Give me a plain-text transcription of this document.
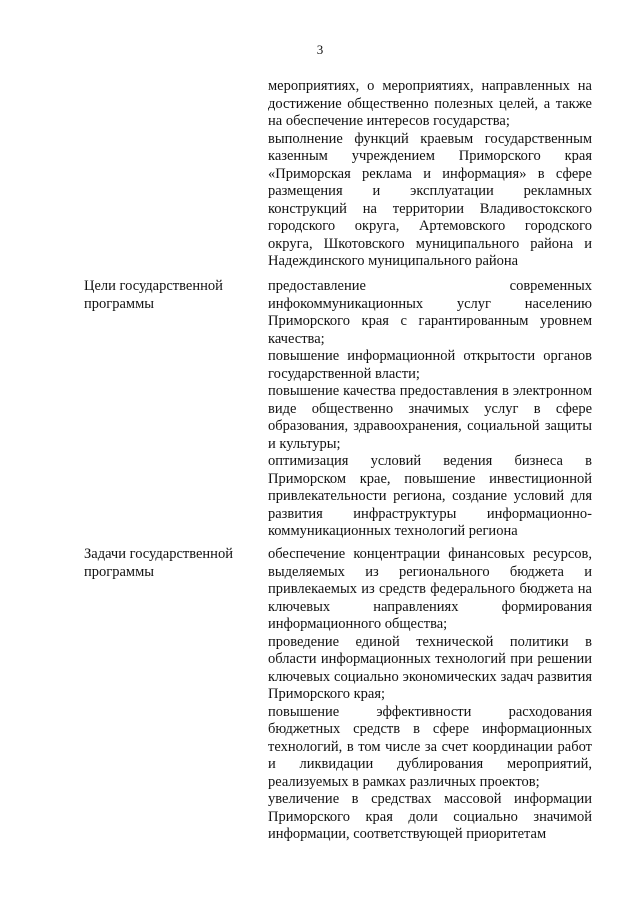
3

мероприятиях, о мероприятиях, направленных на достижение общественно полезных целей, а также на обеспечение интересов государства;

выполнение функций краевым государственным казенным учреждением Приморского края «Приморская реклама и информация» в сфере размещения и эксплуатации рекламных конструкций на территории Владивостокского городского округа, Артемовского городского округа, Шкотовского муниципального района и Надеждинского муниципального района

Цели государственной программы

предоставление современных инфокоммуникационных услуг населению Приморского края с гарантированным уровнем качества;

повышение информационной открытости органов государственной власти;

повышение качества предоставления в электронном виде общественно значимых услуг в сфере образования, здравоохранения, социальной защиты и культуры;

оптимизация условий ведения бизнеса в Приморском крае, повышение инвестиционной привлекательности региона, создание условий для развития инфраструктуры информационно-коммуникационных технологий региона

Задачи государственной программы

обеспечение концентрации финансовых ресурсов, выделяемых из регионального бюджета и привлекаемых из средств федерального бюджета на ключевых направлениях формирования информационного общества;

проведение единой технической политики в области информационных технологий при решении ключевых социально экономических задач развития Приморского края;

повышение эффективности расходования бюджетных средств в сфере информационных технологий, в том числе за счет координации работ и ликвидации дублирования мероприятий, реализуемых в рамках различных проектов;

увеличение в средствах массовой информации Приморского края доли социально значимой информации, соответствующей приоритетам
